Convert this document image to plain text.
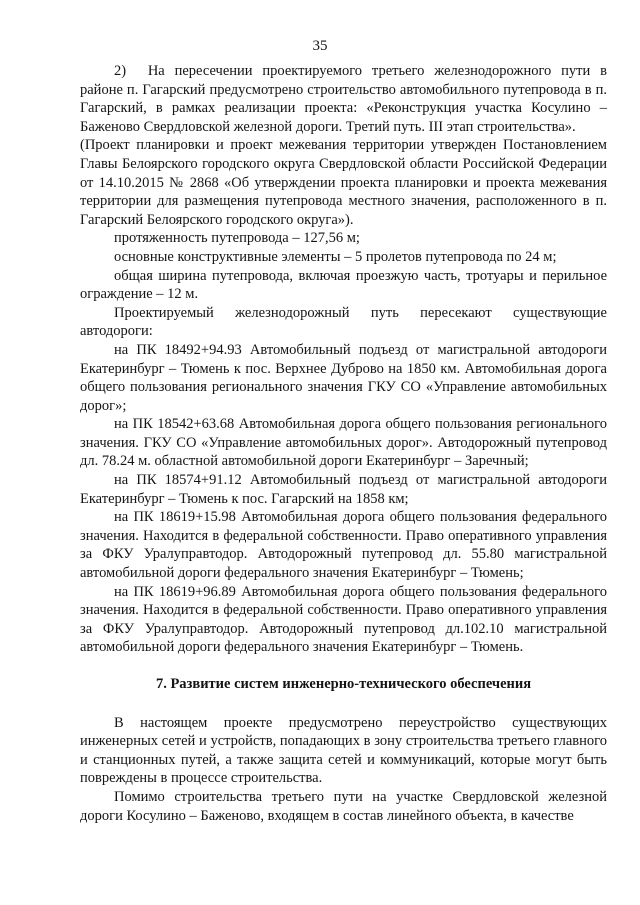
35

2)  На пересечении проектируемого третьего железнодорожного пути в районе п. Гагарский предусмотрено строительство автомобильного путепровода в п. Гагарский, в рамках реализации проекта: «Реконструкция участка Косулино – Баженово Свердловской железной дороги. Третий путь. III этап строительства».

(Проект планировки и проект межевания территории утвержден Постановлением Главы Белоярского городского округа Свердловской области Российской Федерации от 14.10.2015 № 2868 «Об утверждении проекта планировки и проекта межевания территории для размещения путепровода местного значения, расположенного в п. Гагарский Белоярского городского округа»).

протяженность путепровода – 127,56 м;

основные конструктивные элементы – 5 пролетов путепровода по 24 м;

общая ширина путепровода, включая проезжую часть, тротуары и перильное ограждение – 12 м.

Проектируемый железнодорожный путь пересекают существующие автодороги:

на ПК 18492+94.93 Автомобильный подъезд от магистральной автодороги Екатеринбург – Тюмень к пос. Верхнее Дуброво на 1850 км. Автомобильная дорога общего пользования регионального значения ГКУ СО «Управление автомобильных дорог»;

на ПК 18542+63.68 Автомобильная дорога общего пользования регионального значения. ГКУ СО «Управление автомобильных дорог». Автодорожный путепровод дл. 78.24 м. областной автомобильной дороги Екатеринбург – Заречный;

на ПК 18574+91.12 Автомобильный подъезд от магистральной автодороги Екатеринбург – Тюмень к пос. Гагарский на 1858 км;

на ПК 18619+15.98 Автомобильная дорога общего пользования федерального значения. Находится в федеральной собственности. Право оперативного управления за ФКУ Уралуправтодор. Автодорожный путепровод дл. 55.80 магистральной автомобильной дороги федерального значения Екатеринбург – Тюмень;

на ПК 18619+96.89 Автомобильная дорога общего пользования федерального значения. Находится в федеральной собственности. Право оперативного управления за ФКУ Уралуправтодор. Автодорожный путепровод дл.102.10 магистральной автомобильной дороги федерального значения Екатеринбург – Тюмень.

7. Развитие систем инженерно-технического обеспечения

В настоящем проекте предусмотрено переустройство существующих инженерных сетей и устройств, попадающих в зону строительства третьего главного и станционных путей, а также защита сетей и коммуникаций, которые могут быть повреждены в процессе строительства.

Помимо строительства третьего пути на участке Свердловской железной дороги Косулино – Баженово, входящем в состав линейного объекта, в качестве
